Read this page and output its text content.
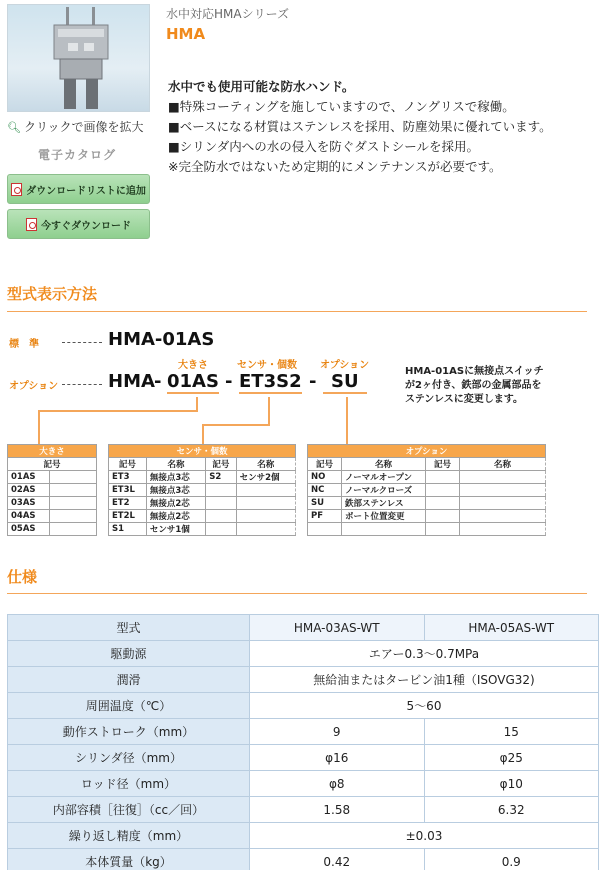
🔍︎ クリックで画像を拡大
電子カタログ
ダウンロードリストに追加
今すぐダウンロード
水中対応HMAシリーズ
HMA
水中でも使用可能な防水ハンド。
■特殊コーティングを施していますので、ノングリスで稼働。
■ベースになる材質はステンレスを採用、防塵効果に優れています。
■シリンダ内への水の侵入を防ぐダストシールを採用。
※完全防水ではないため定期的にメンテナンスが必要です。
型式表示方法
標　準	HMA-01AS
大きさ	センサ・個数 オプション
オプション	HMA - 01AS - ET3S2 - SU	HMA-01ASに無接点スイッチ
が2ヶ付き、鉄部の金属部品を
ステンレスに変更します。
大きさ	
記号	
01AS	
02AS	
03AS	
04AS	
05AS	
センサ・個数			
記号	名称	記号	名称
ET3	無接点3芯	S2	センサ2個
ET3L	無接点3芯		
ET2	無接点2芯		
ET2L	無接点2芯		
S1	センサ1個		
オプション			
記号	名称	記号	名称
NO	ノーマルオープン		
NC	ノーマルクローズ		
SU	鉄部ステンレス		
PF	ポート位置変更		

仕様
型式	HMA-03AS-WT	HMA-05AS-WT
駆動源	エアー0.3～0.7MPa	
潤滑	無給油またはタービン油1種（ISOVG32)	
周囲温度（℃）	5～60	
動作ストローク（mm）	9	15
シリンダ径（mm）	φ16	φ25
ロッド径（mm）	φ8	φ10
内部容積［往復］（cc／回）	1.58	6.32
繰り返し精度（mm）	±0.03	
本体質量（kg）	0.42	0.9
